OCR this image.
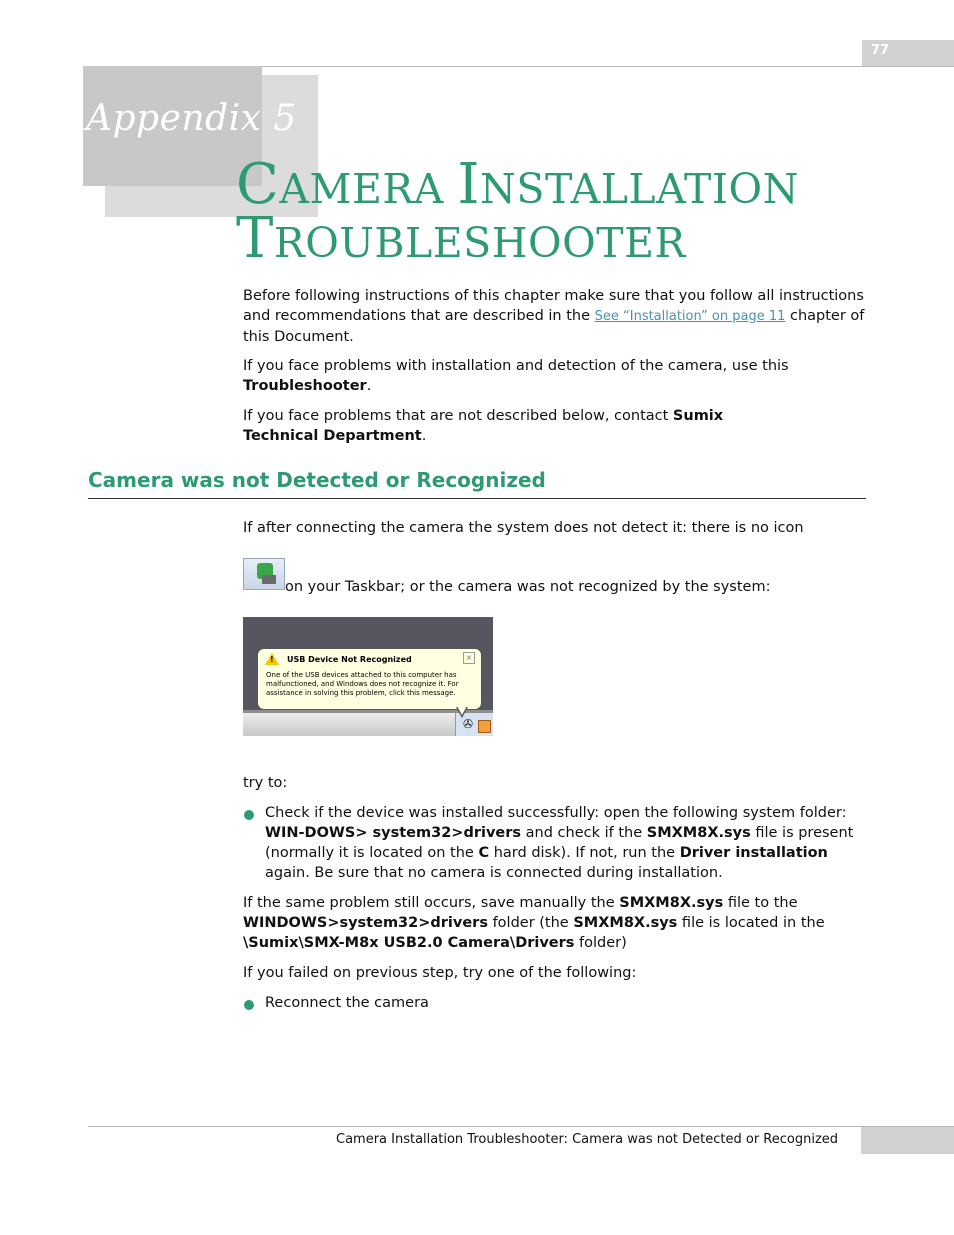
77
Appendix 5
CAMERA INSTALLATION
TROUBLESHOOTER
Before following instructions of this chapter make sure that you follow all instructions and recommendations that are described in the See “Installation” on page 11 chapter of this Document.
If you face problems with installation and detection of the camera, use this Troubleshooter.
If you face problems that are not described below, contact Sumix Technical Department.
Camera was not Detected or Recognized
If after connecting the camera the system does not detect it: there is no icon
on your Taskbar; or the camera was not recognized by the system:
✇
! USB Device Not Recognized	×
One of the USB devices attached to this computer has malfunctioned, and Windows does not recognize it. For assistance in solving this problem, click this message.
try to:
Check if the device was installed successfully: open the following system folder: WIN-DOWS> system32>drivers and check if the SMXM8X.sys file is present (normally it is located on the C hard disk). If not, run the Driver installation again. Be sure that no camera is connected during installation.
If the same problem still occurs, save manually the SMXM8X.sys file to the WINDOWS>system32>drivers folder (the SMXM8X.sys file is located in the \Sumix\SMX-M8x USB2.0 Camera\Drivers folder)
If you failed on previous step, try one of the following:
Reconnect the camera
Camera Installation Troubleshooter: Camera was not Detected or Recognized
